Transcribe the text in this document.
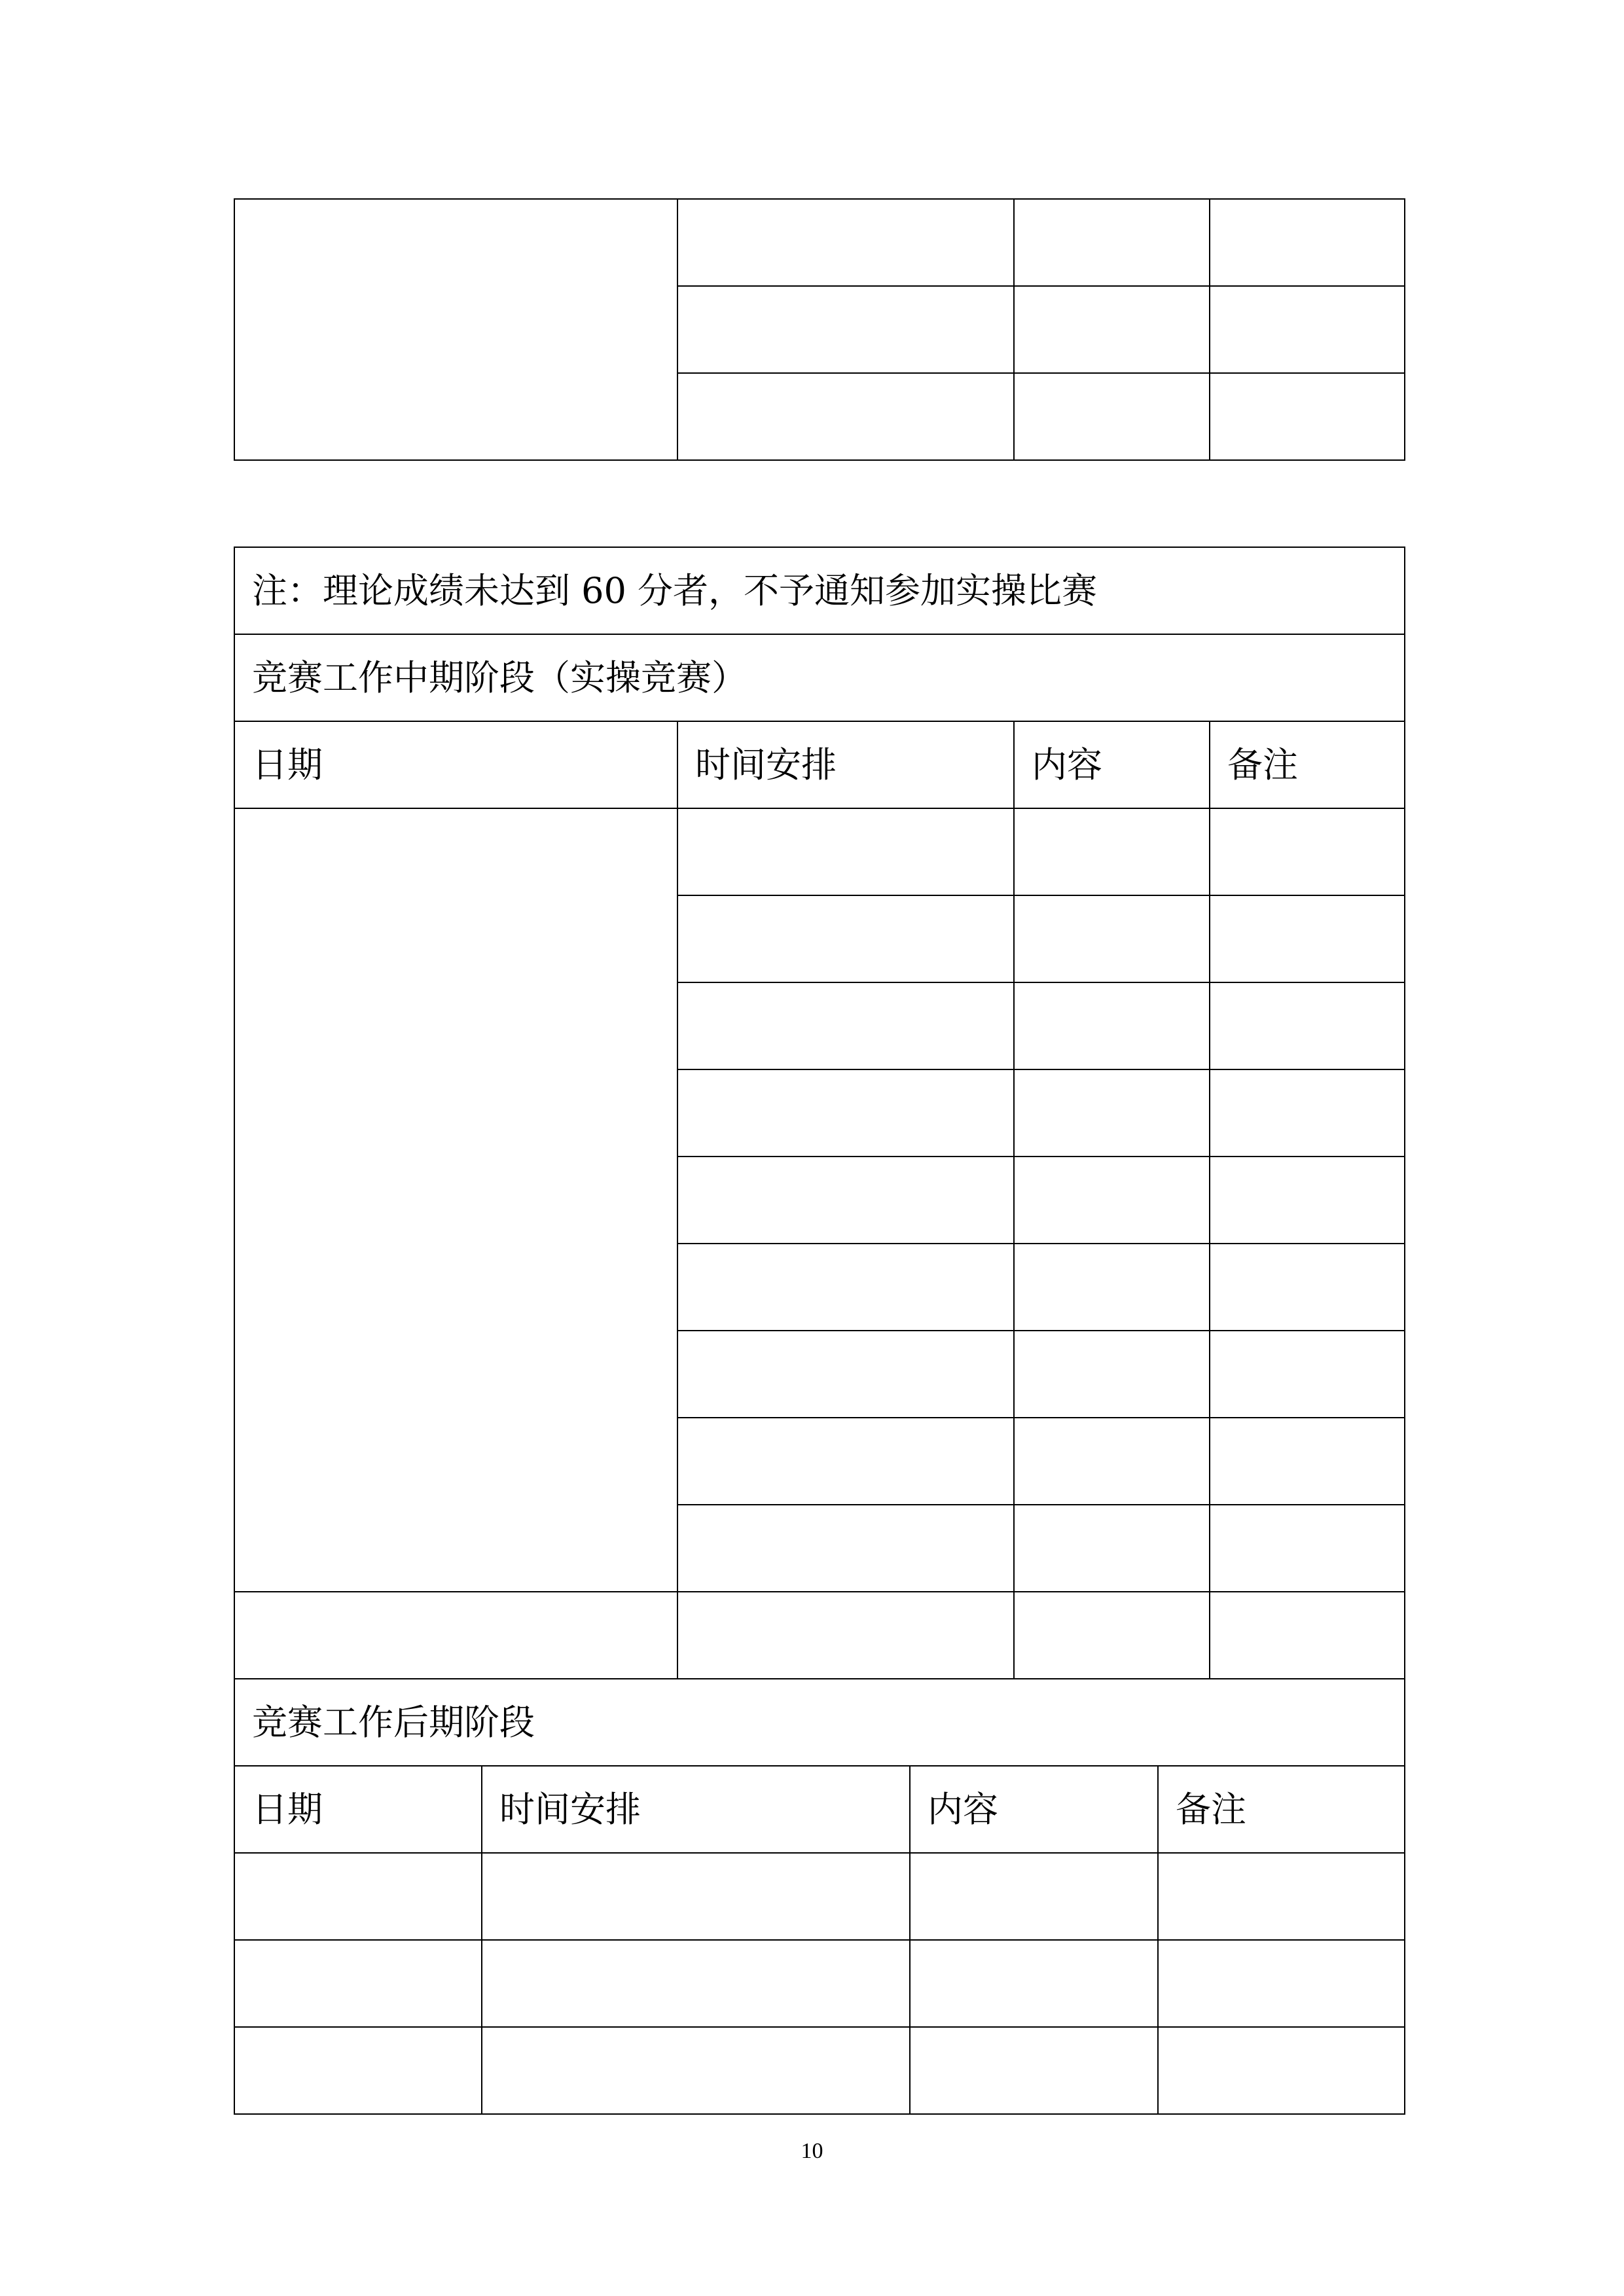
注：理论成绩未达到 60 分者，不予通知参加实操比赛						
竞赛工作中期阶段（实操竞赛）						
日期		时间安排		内容		备注

竞赛工作后期阶段						
日期	时间安排		内容		备注	

10
